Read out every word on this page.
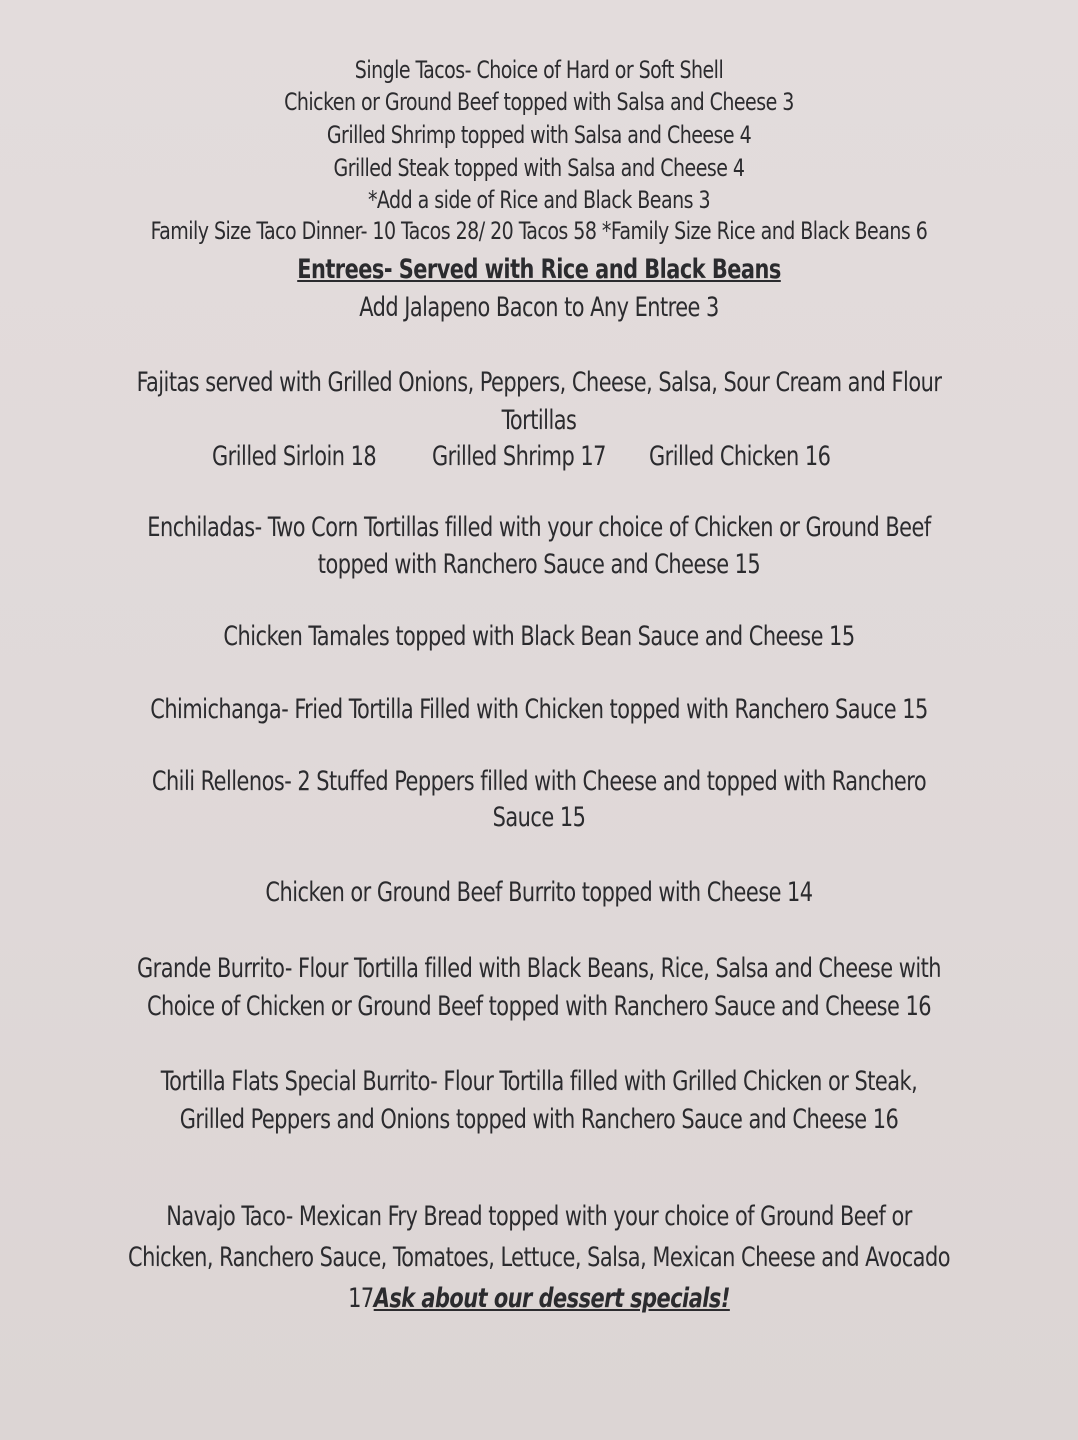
Single Tacos- Choice of Hard or Soft Shell
Chicken or Ground Beef topped with Salsa and Cheese 3
Grilled Shrimp topped with Salsa and Cheese 4
Grilled Steak topped with Salsa and Cheese 4
*Add a side of Rice and Black Beans 3
Family Size Taco Dinner- 10 Tacos 28/ 20 Tacos 58 *Family Size Rice and Black Beans 6
Entrees- Served with Rice and Black Beans
Add Jalapeno Bacon to Any Entree 3
Fajitas served with Grilled Onions, Peppers, Cheese, Salsa, Sour Cream and Flour
Tortillas
Grilled Sirloin 18 Grilled Shrimp 17 Grilled Chicken 16
Enchiladas- Two Corn Tortillas filled with your choice of Chicken or Ground Beef
topped with Ranchero Sauce and Cheese 15
Chicken Tamales topped with Black Bean Sauce and Cheese 15
Chimichanga- Fried Tortilla Filled with Chicken topped with Ranchero Sauce 15
Chili Rellenos- 2 Stuffed Peppers filled with Cheese and topped with Ranchero
Sauce 15
Chicken or Ground Beef Burrito topped with Cheese 14
Grande Burrito- Flour Tortilla filled with Black Beans, Rice, Salsa and Cheese with
Choice of Chicken or Ground Beef topped with Ranchero Sauce and Cheese 16
Tortilla Flats Special Burrito- Flour Tortilla filled with Grilled Chicken or Steak,
Grilled Peppers and Onions topped with Ranchero Sauce and Cheese 16
Navajo Taco- Mexican Fry Bread topped with your choice of Ground Beef or
Chicken, Ranchero Sauce, Tomatoes, Lettuce, Salsa, Mexican Cheese and Avocado
17Ask about our dessert specials!
